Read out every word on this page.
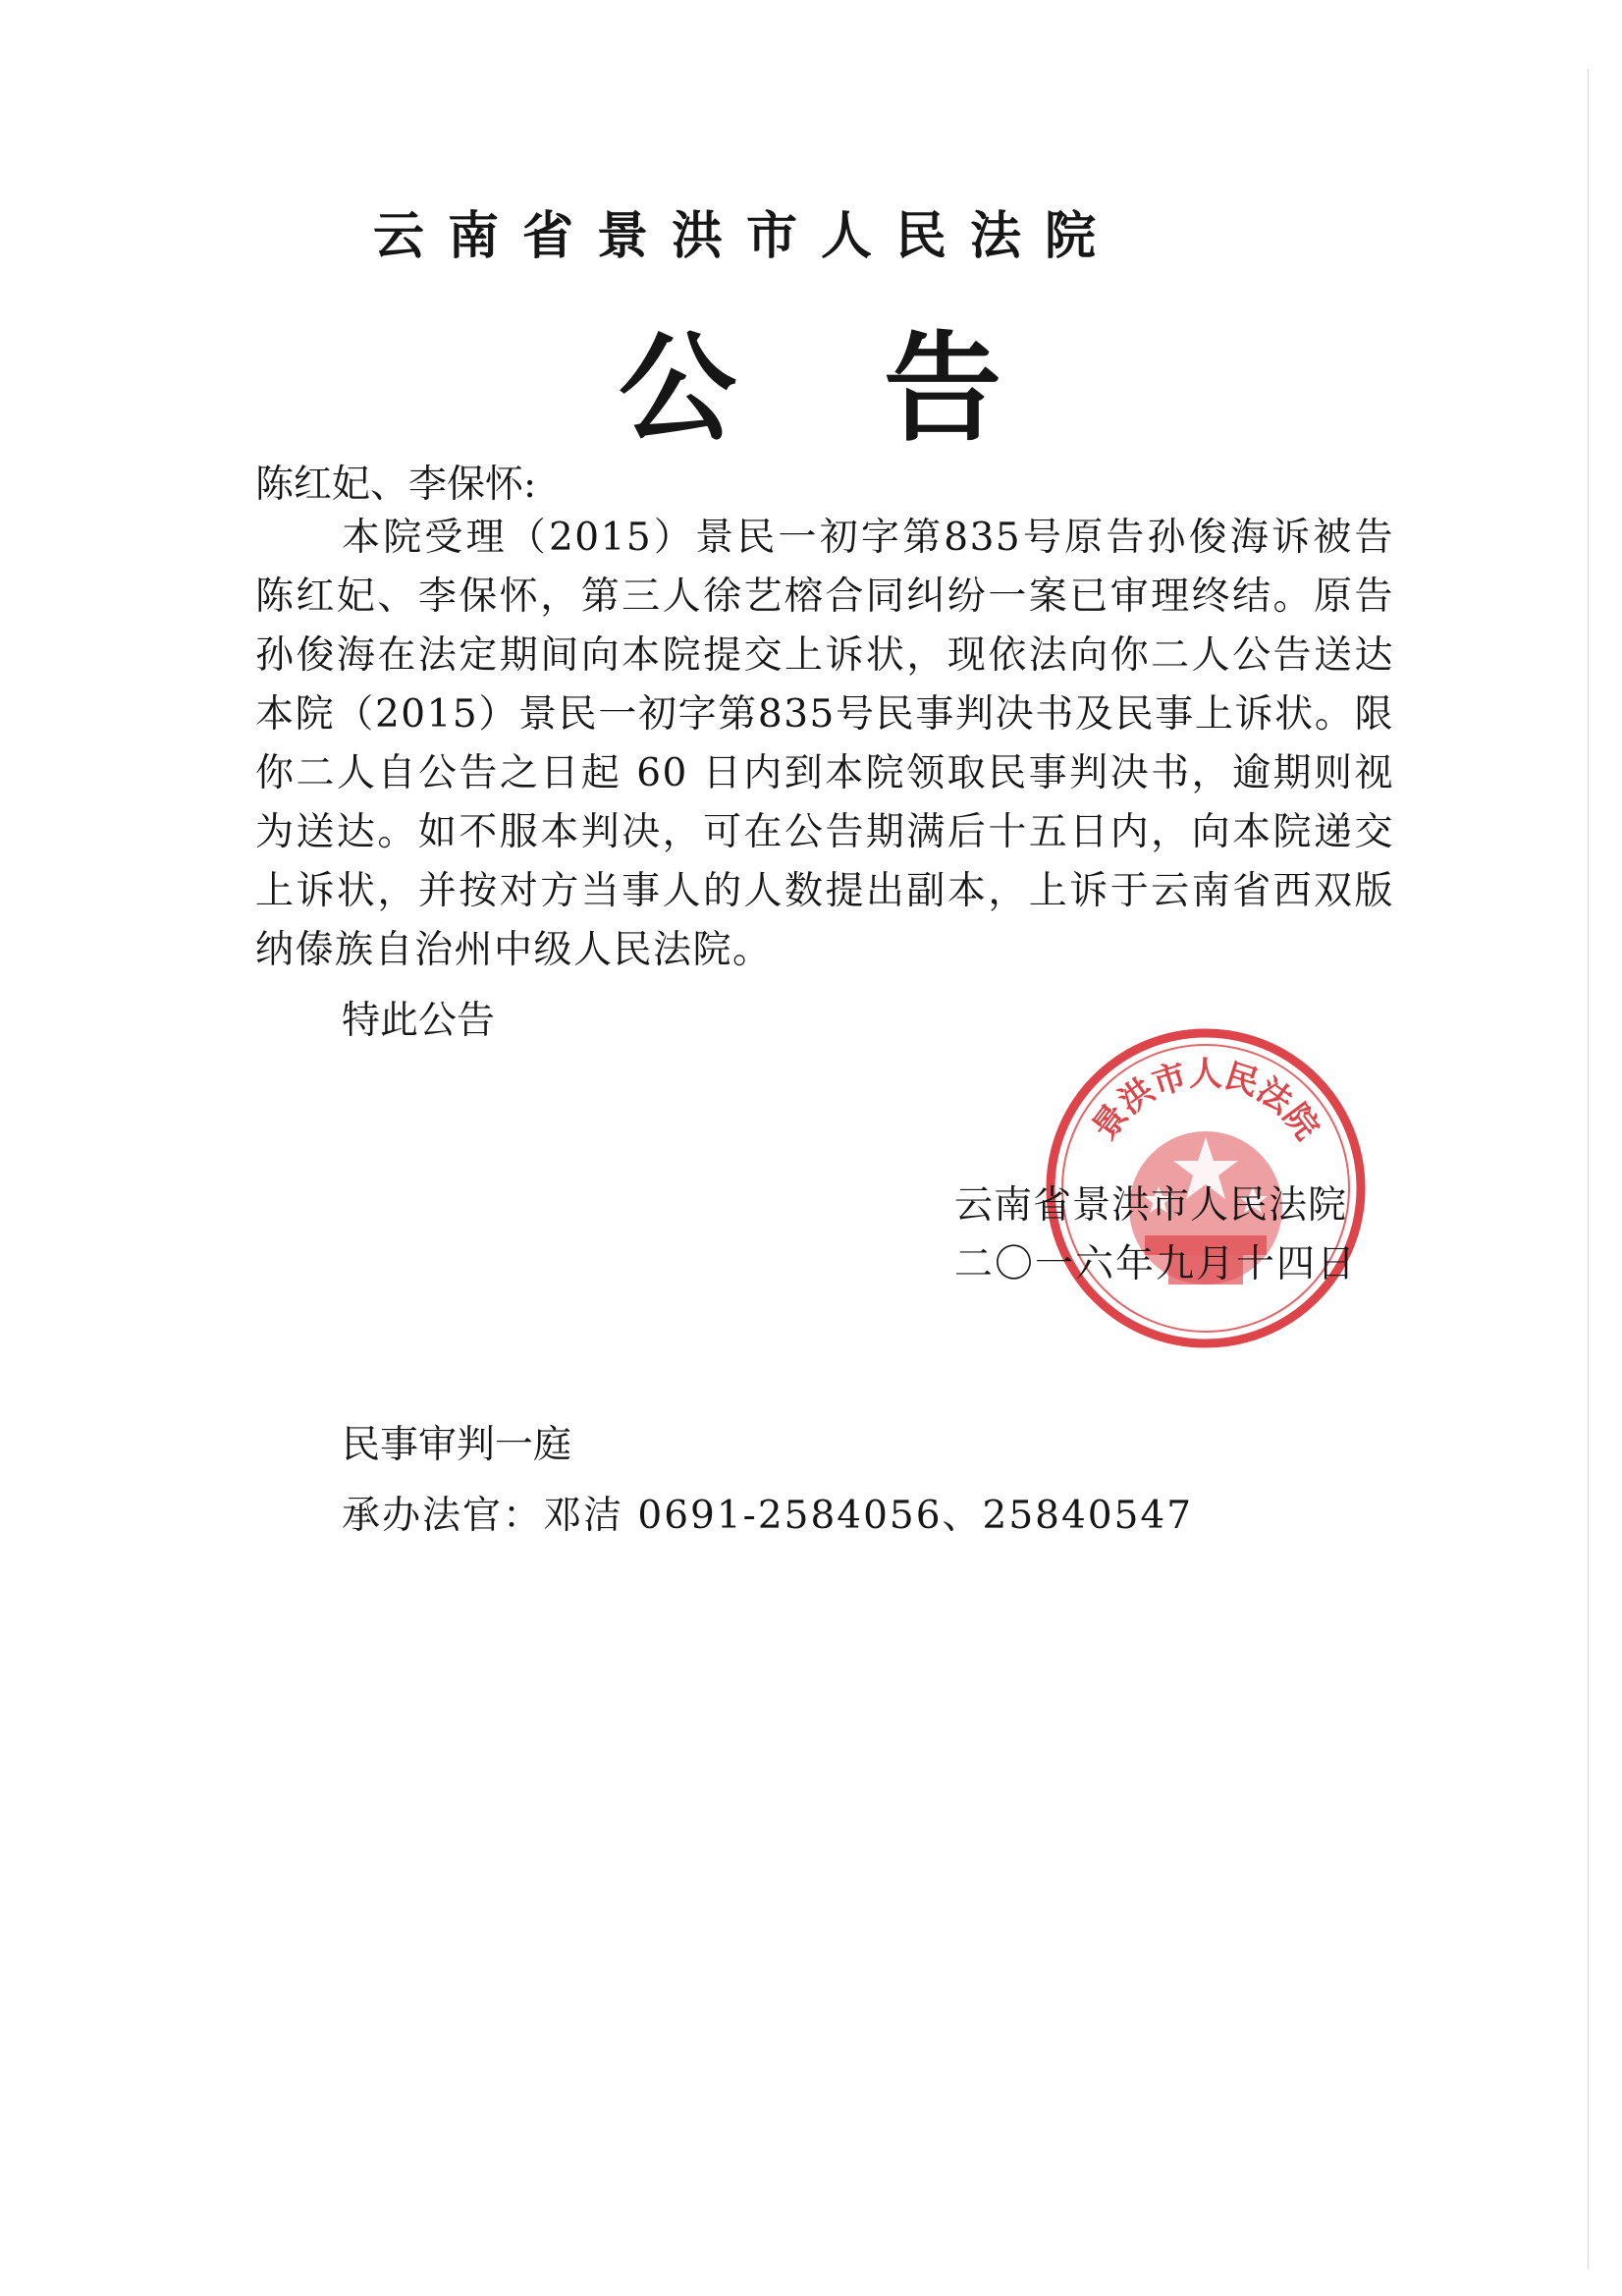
云南省景洪市人民法院
公告
陈红妃、李保怀:
本院受理（2015）景民一初字第835号原告孙俊海诉被告陈红妃、李保怀，第三人徐艺榕合同纠纷一案已审理终结。原告孙俊海在法定期间向本院提交上诉状，现依法向你二人公告送达本院（2015）景民一初字第835号民事判决书及民事上诉状。限你二人自公告之日起 60 日内到本院领取民事判决书，逾期则视为送达。如不服本判决，可在公告期满后十五日内，向本院递交上诉状，并按对方当事人的人数提出副本，上诉于云南省西双版纳傣族自治州中级人民法院。
特此公告
景洪市人民法院
云南省景洪市人民法院
二〇一六年九月十四日
民事审判一庭
承办法官：邓洁 0691-2584056、25840547
